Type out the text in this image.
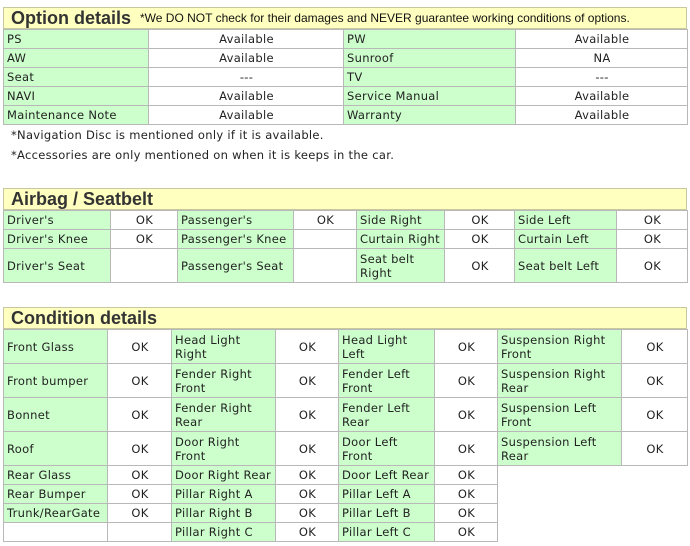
Option details *We DO NOT check for their damages and NEVER guarantee working conditions of options.
PS	Available	PW	Available
AW	Available	Sunroof	NA
Seat	---	TV	---
NAVI	Available	Service Manual	Available
Maintenance Note	Available	Warranty	Available
*Navigation Disc is mentioned only if it is available.
*Accessories are only mentioned on when it is keeps in the car.
Airbag / Seatbelt
Driver's	OK	Passenger's	OK	Side Right	OK	Side Left	OK
Driver's Knee	OK	Passenger's Knee		Curtain Right	OK	Curtain Left	OK
Driver's Seat		Passenger's Seat		Seat belt Right	OK	Seat belt Left	OK
Condition details
Front Glass	OK	Head Light Right	OK	Head Light Left	OK	Suspension Right Front	OK
Front bumper	OK	Fender Right Front	OK	Fender Left Front	OK	Suspension Right Rear	OK
Bonnet	OK	Fender Right Rear	OK	Fender Left Rear	OK	Suspension Left Front	OK
Roof	OK	Door Right Front	OK	Door Left Front	OK	Suspension Left Rear	OK
Rear Glass	OK	Door Right Rear	OK	Door Left Rear	OK		
Rear Bumper	OK	Pillar Right A	OK	Pillar Left A	OK		
Trunk/RearGate	OK	Pillar Right B	OK	Pillar Left B	OK		
		Pillar Right C	OK	Pillar Left C	OK		
